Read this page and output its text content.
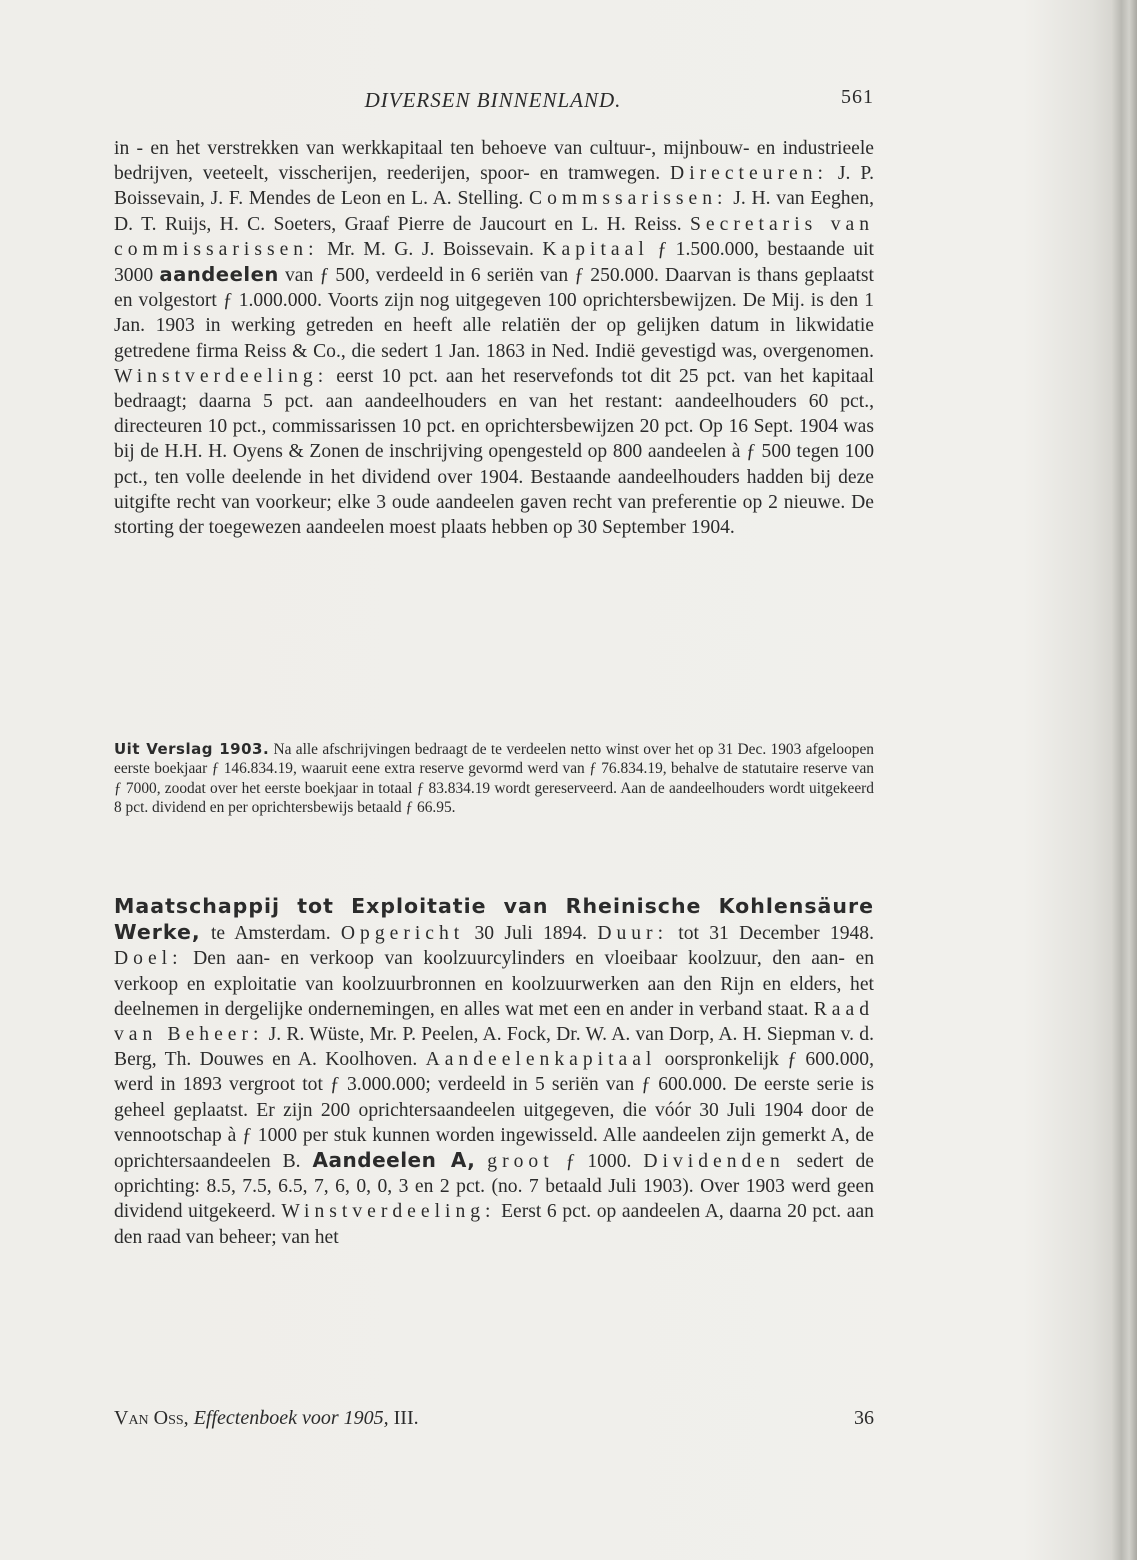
DIVERSEN BINNENLAND.	561

in - en het verstrekken van werkkapitaal ten behoeve van cultuur-, mijnbouw- en industrieele bedrijven, veeteelt, visscherijen, reederijen, spoor- en tramwegen. Directeuren: J. P. Boissevain, J. F. Mendes de Leon en L. A. Stelling. Commssarissen: J. H. van Eeghen, D. T. Ruijs, H. C. Soeters, Graaf Pierre de Jaucourt en L. H. Reiss. Secretaris van commissarissen: Mr. M. G. J. Boissevain. Kapitaal ƒ 1.500.000, bestaande uit 3000 aandeelen van ƒ 500, verdeeld in 6 seriën van ƒ 250.000. Daarvan is thans geplaatst en volgestort ƒ 1.000.000. Voorts zijn nog uitgegeven 100 oprichtersbewijzen. De Mij. is den 1 Jan. 1903 in werking getreden en heeft alle relatiën der op gelijken datum in likwidatie getredene firma Reiss & Co., die sedert 1 Jan. 1863 in Ned. Indië gevestigd was, overgenomen. Winstverdeeling: eerst 10 pct. aan het reservefonds tot dit 25 pct. van het kapitaal bedraagt; daarna 5 pct. aan aandeelhouders en van het restant: aandeelhouders 60 pct., directeuren 10 pct., commissarissen 10 pct. en oprichtersbewijzen 20 pct. Op 16 Sept. 1904 was bij de H.H. H. Oyens & Zonen de inschrijving opengesteld op 800 aandeelen à ƒ 500 tegen 100 pct., ten volle deelende in het dividend over 1904. Bestaande aandeelhouders hadden bij deze uitgifte recht van voorkeur; elke 3 oude aandeelen gaven recht van preferentie op 2 nieuwe. De storting der toegewezen aandeelen moest plaats hebben op 30 September 1904.

Uit Verslag 1903. Na alle afschrijvingen bedraagt de te verdeelen netto winst over het op 31 Dec. 1903 afgeloopen eerste boekjaar ƒ 146.834.19, waaruit eene extra reserve gevormd werd van ƒ 76.834.19, behalve de statutaire reserve van ƒ 7000, zoodat over het eerste boekjaar in totaal ƒ 83.834.19 wordt gereserveerd. Aan de aandeelhouders wordt uitgekeerd 8 pct. dividend en per oprichtersbewijs betaald ƒ 66.95.

Maatschappij tot Exploitatie van Rheinische Kohlensäure Werke, te Amsterdam. Opgericht 30 Juli 1894. Duur: tot 31 December 1948. Doel: Den aan- en verkoop van koolzuurcylinders en vloeibaar koolzuur, den aan- en verkoop en exploitatie van koolzuurbronnen en koolzuurwerken aan den Rijn en elders, het deelnemen in dergelijke ondernemingen, en alles wat met een en ander in verband staat. Raad van Beheer: J. R. Wüste, Mr. P. Peelen, A. Fock, Dr. W. A. van Dorp, A. H. Siepman v. d. Berg, Th. Douwes en A. Koolhoven. Aandeelenkapitaal oorspronkelijk ƒ 600.000, werd in 1893 vergroot tot ƒ 3.000.000; verdeeld in 5 seriën van ƒ 600.000. De eerste serie is geheel geplaatst. Er zijn 200 oprichtersaandeelen uitgegeven, die vóór 30 Juli 1904 door de vennootschap à ƒ 1000 per stuk kunnen worden ingewisseld. Alle aandeelen zijn gemerkt A, de oprichtersaandeelen B. Aandeelen A, groot ƒ 1000. Dividenden sedert de oprichting: 8.5, 7.5, 6.5, 7, 6, 0, 0, 3 en 2 pct. (no. 7 betaald Juli 1903). Over 1903 werd geen dividend uitgekeerd. Winstverdeeling: Eerst 6 pct. op aandeelen A, daarna 20 pct. aan den raad van beheer; van het

Van Oss, Effectenboek voor 1905, III.	36
